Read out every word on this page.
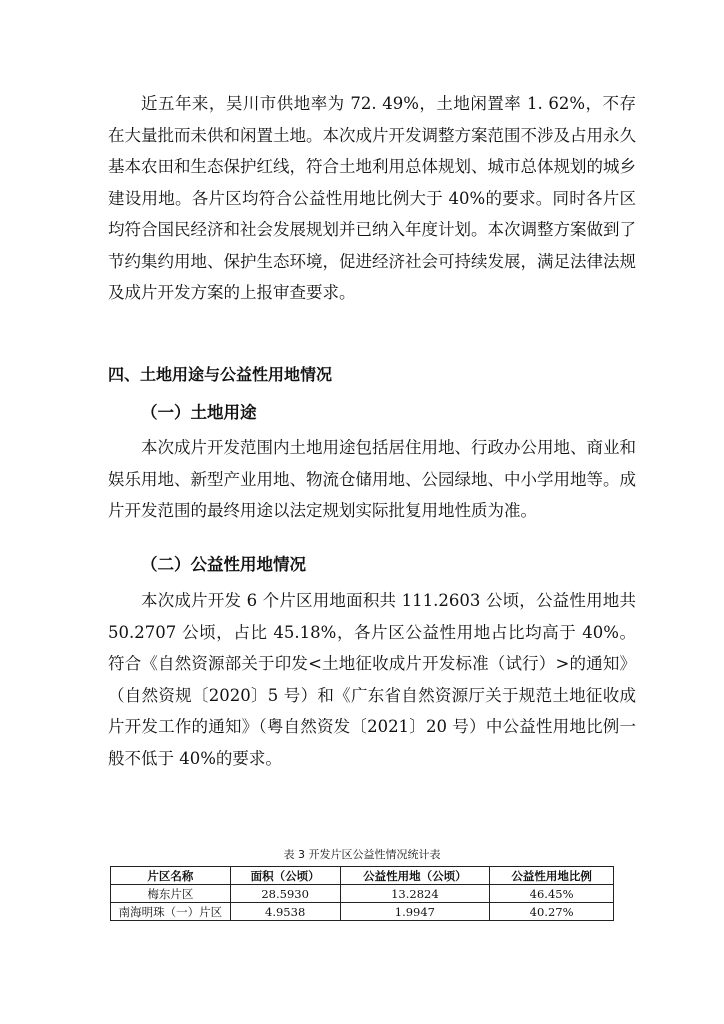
近五年来，吴川市供地率为 72. 49%，土地闲置率 1. 62%，不存在大量批而未供和闲置土地。本次成片开发调整方案范围不涉及占用永久基本农田和生态保护红线，符合土地利用总体规划、城市总体规划的城乡建设用地。各片区均符合公益性用地比例大于 40%的要求。同时各片区均符合国民经济和社会发展规划并已纳入年度计划。本次调整方案做到了节约集约用地、保护生态环境，促进经济社会可持续发展，满足法律法规及成片开发方案的上报审查要求。

四、土地用途与公益性用地情况
（一）土地用途

本次成片开发范围内土地用途包括居住用地、行政办公用地、商业和娱乐用地、新型产业用地、物流仓储用地、公园绿地、中小学用地等。成片开发范围的最终用途以法定规划实际批复用地性质为准。

（二）公益性用地情况

本次成片开发 6 个片区用地面积共 111.2603 公顷，公益性用地共 50.2707 公顷，占比 45.18%，各片区公益性用地占比均高于 40%。符合《自然资源部关于印发<土地征收成片开发标准（试行）>的通知》（自然资规〔2020〕5 号）和《广东省自然资源厅关于规范土地征收成片开发工作的通知》（粤自然资发〔2021〕20 号）中公益性用地比例一般不低于 40%的要求。

表 3 开发片区公益性情况统计表
片区名称	面积（公顷）	公益性用地（公顷）	公益性用地比例
梅东片区	28.5930	13.2824	46.45%
南海明珠（一）片区	4.9538	1.9947	40.27%
